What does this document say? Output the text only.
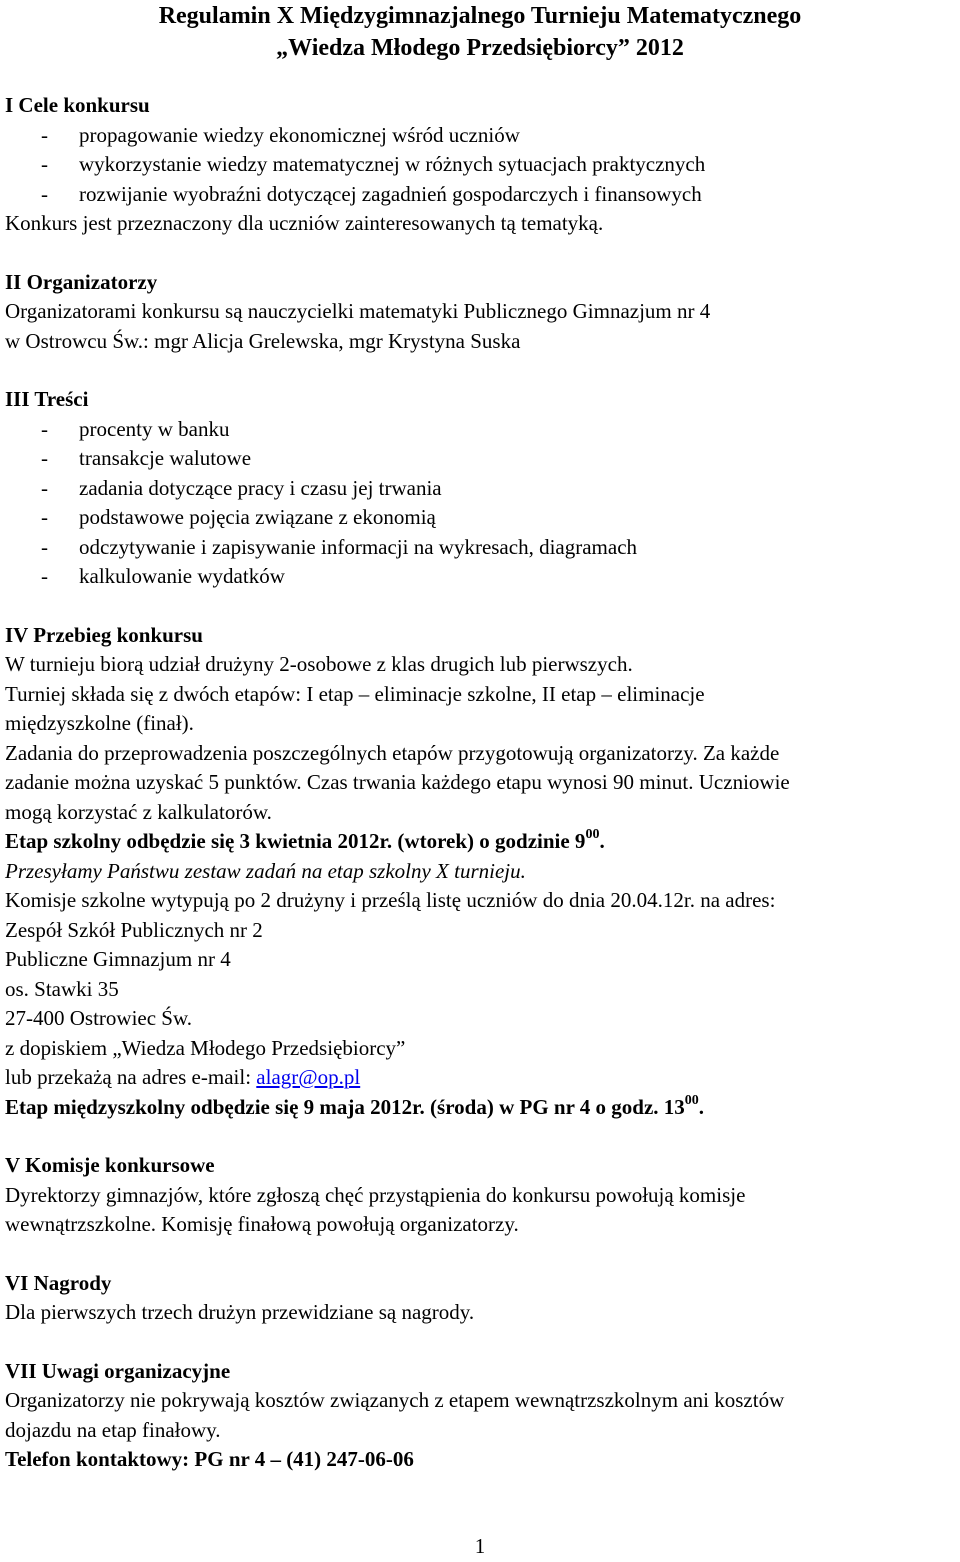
Regulamin X Międzygimnazjalnego Turnieju Matematycznego

„Wiedza Młodego Przedsiębiorcy” 2012

I Cele konkursu

- propagowanie wiedzy ekonomicznej wśród uczniów
- wykorzystanie wiedzy matematycznej w różnych sytuacjach praktycznych
- rozwijanie wyobraźni dotyczącej zagadnień gospodarczych i finansowych

Konkurs jest przeznaczony dla uczniów zainteresowanych tą tematyką.

II Organizatorzy

Organizatorami konkursu są nauczycielki matematyki Publicznego Gimnazjum nr 4

w Ostrowcu Św.: mgr Alicja Grelewska, mgr Krystyna Suska

III Treści

- procenty w banku
- transakcje walutowe
- zadania dotyczące pracy i czasu jej trwania
- podstawowe pojęcia związane z ekonomią
- odczytywanie i zapisywanie informacji na wykresach, diagramach
- kalkulowanie wydatków

IV Przebieg konkursu

W turnieju biorą udział drużyny 2-osobowe z klas drugich lub pierwszych.

Turniej składa się z dwóch etapów: I etap – eliminacje szkolne, II etap – eliminacje

międzyszkolne (finał).

Zadania do przeprowadzenia poszczególnych etapów przygotowują organizatorzy. Za każde

zadanie można uzyskać 5 punktów. Czas trwania każdego etapu wynosi 90 minut. Uczniowie

mogą korzystać z kalkulatorów.

Etap szkolny odbędzie się 3 kwietnia 2012r. (wtorek) o godzinie $9^{00}$.

Przesyłamy Państwu zestaw zadań na etap szkolny X turnieju.

Komisje szkolne wytypują po 2 drużyny i prześlą listę uczniów do dnia 20.04.12r. na adres:

Zespół Szkół Publicznych nr 2

Publiczne Gimnazjum nr 4

os. Stawki 35

27-400 Ostrowiec Św.

z dopiskiem „Wiedza Młodego Przedsiębiorcy”

lub przekażą na adres e-mail: alagr@op.pl

Etap międzyszkolny odbędzie się 9 maja 2012r. (środa) w PG nr 4 o godz. $13^{00}$.

V Komisje konkursowe

Dyrektorzy gimnazjów, które zgłoszą chęć przystąpienia do konkursu powołują komisje

wewnątrzszkolne. Komisję finałową powołują organizatorzy.

VI Nagrody

Dla pierwszych trzech drużyn przewidziane są nagrody.

VII Uwagi organizacyjne

Organizatorzy nie pokrywają kosztów związanych z etapem wewnątrzszkolnym ani kosztów

dojazdu na etap finałowy.

Telefon kontaktowy: PG nr 4 – (41) 247-06-06

1
